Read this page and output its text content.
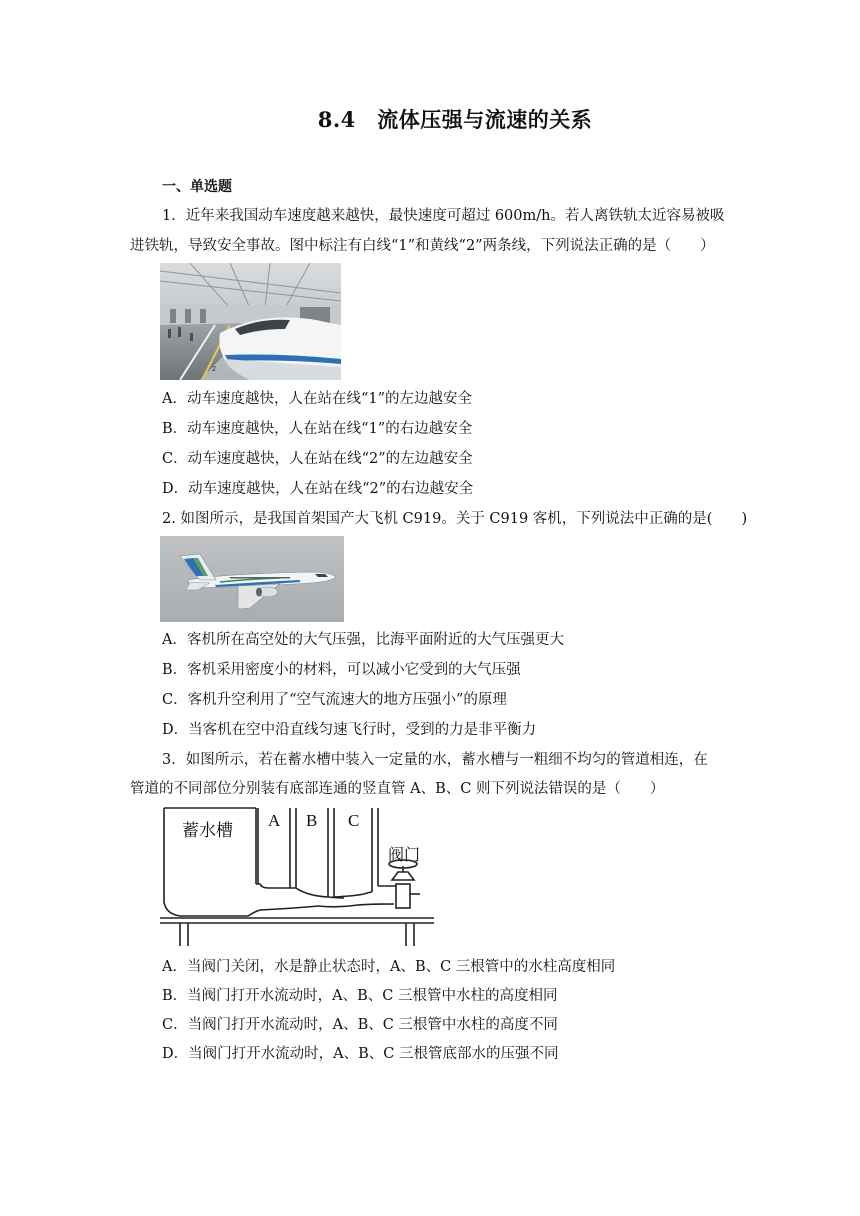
8.4　流体压强与流速的关系
一、单选题
1．近年来我国动车速度越来越快，最快速度可超过 600m/h。若人离铁轨太近容易被吸
进铁轨，导致安全事故。图中标注有白线“1”和黄线“2”两条线，下列说法正确的是（　　）
2
A．动车速度越快，人在站在线“1”的左边越安全
B．动车速度越快，人在站在线“1”的右边越安全
C．动车速度越快，人在站在线“2”的左边越安全
D．动车速度越快，人在站在线“2”的右边越安全
2. 如图所示，是我国首架国产大飞机 C919。关于 C919 客机，下列说法中正确的是(　　)
A．客机所在高空处的大气压强，比海平面附近的大气压强更大
B．客机采用密度小的材料，可以减小它受到的大气压强
C．客机升空利用了“空气流速大的地方压强小”的原理
D．当客机在空中沿直线匀速飞行时，受到的力是非平衡力
3．如图所示，若在蓄水槽中装入一定量的水，蓄水槽与一粗细不均匀的管道相连，在
管道的不同部位分别装有底部连通的竖直管 A、B、C 则下列说法错误的是（　　）
蓄水槽
A B C
阀门
A．当阀门关闭，水是静止状态时，A、B、C 三根管中的水柱高度相同
B．当阀门打开水流动时，A、B、C 三根管中水柱的高度相同
C．当阀门打开水流动时，A、B、C 三根管中水柱的高度不同
D．当阀门打开水流动时，A、B、C 三根管底部水的压强不同
